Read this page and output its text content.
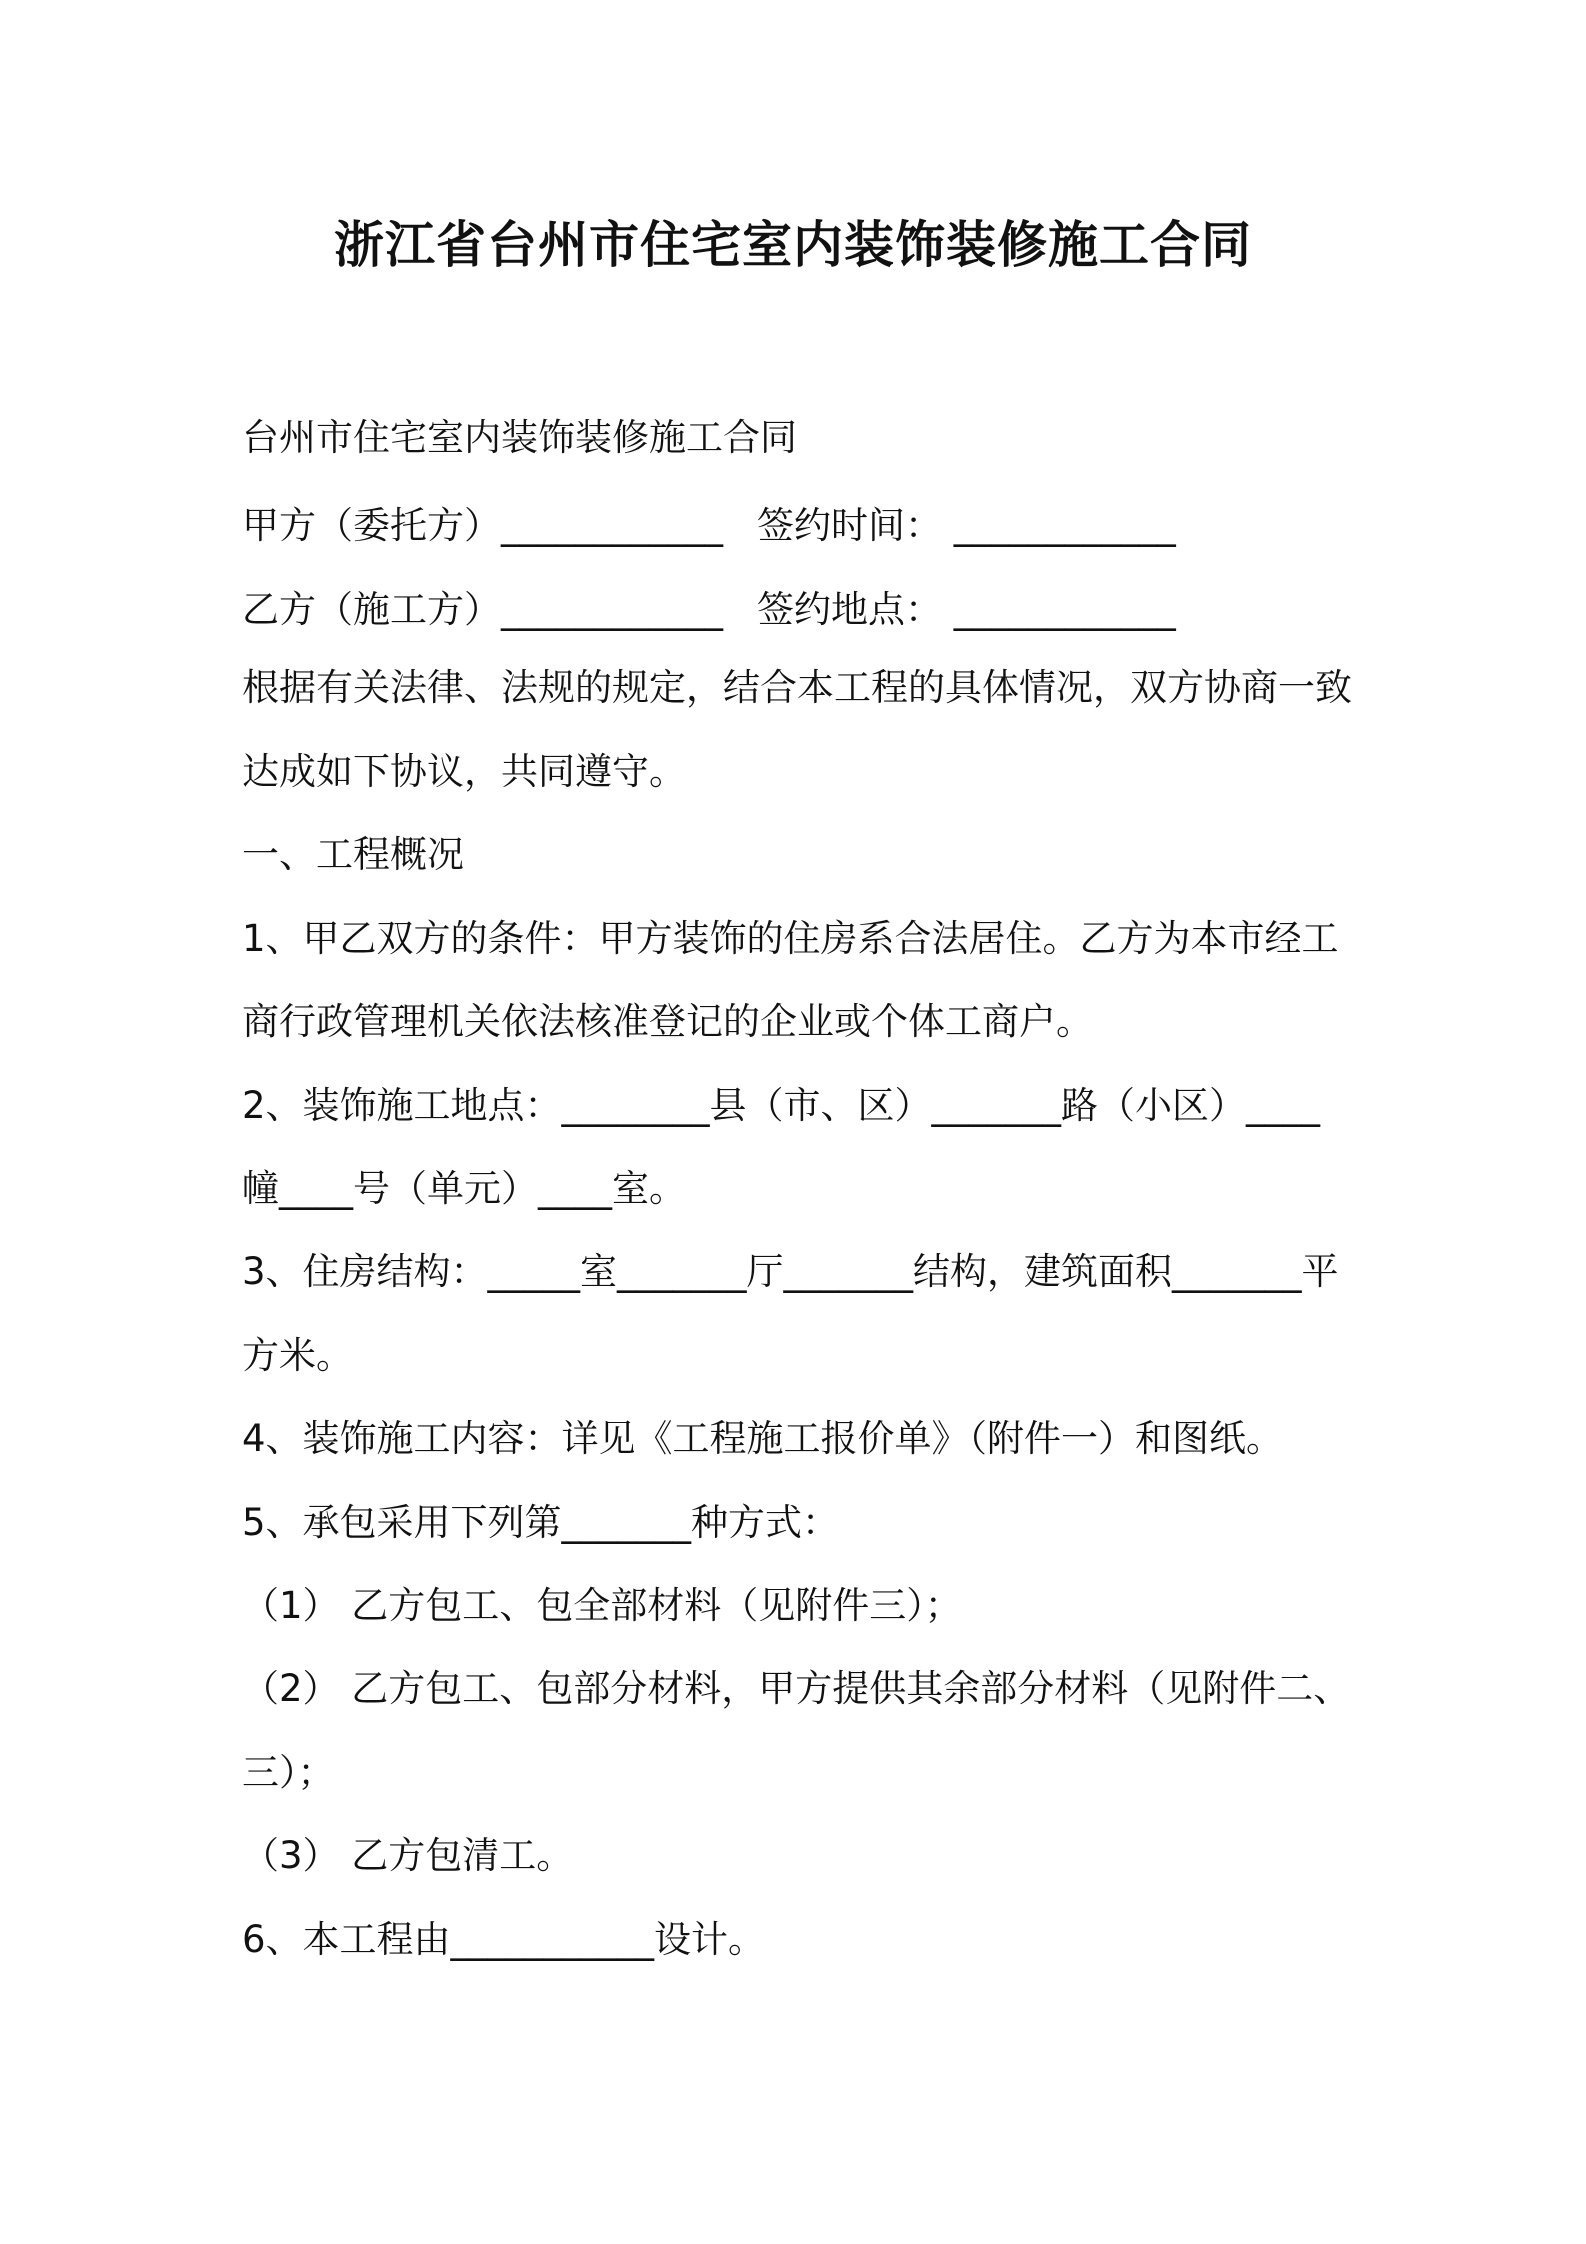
浙江省台州市住宅室内装饰装修施工合同
台州市住宅室内装饰装修施工合同
甲方（委托方）____________ 签约时间： ____________
乙方（施工方）____________ 签约地点： ____________
根据有关法律、法规的规定，结合本工程的具体情况，双方协商一致
达成如下协议，共同遵守。
一、工程概况
1、甲乙双方的条件：甲方装饰的住房系合法居住。乙方为本市经工
商行政管理机关依法核准登记的企业或个体工商户。
2、装饰施工地点：________县（市、区）_______路（小区）____
幢____号（单元）____室。
3、住房结构：_____室_______厅_______结构，建筑面积_______平
方米。
4、装饰施工内容：详见《工程施工报价单》（附件一）和图纸。
5、承包采用下列第_______种方式：
（1） 乙方包工、包全部材料（见附件三）；
（2） 乙方包工、包部分材料，甲方提供其余部分材料（见附件二、
三）；
（3） 乙方包清工。
6、本工程由___________设计。
